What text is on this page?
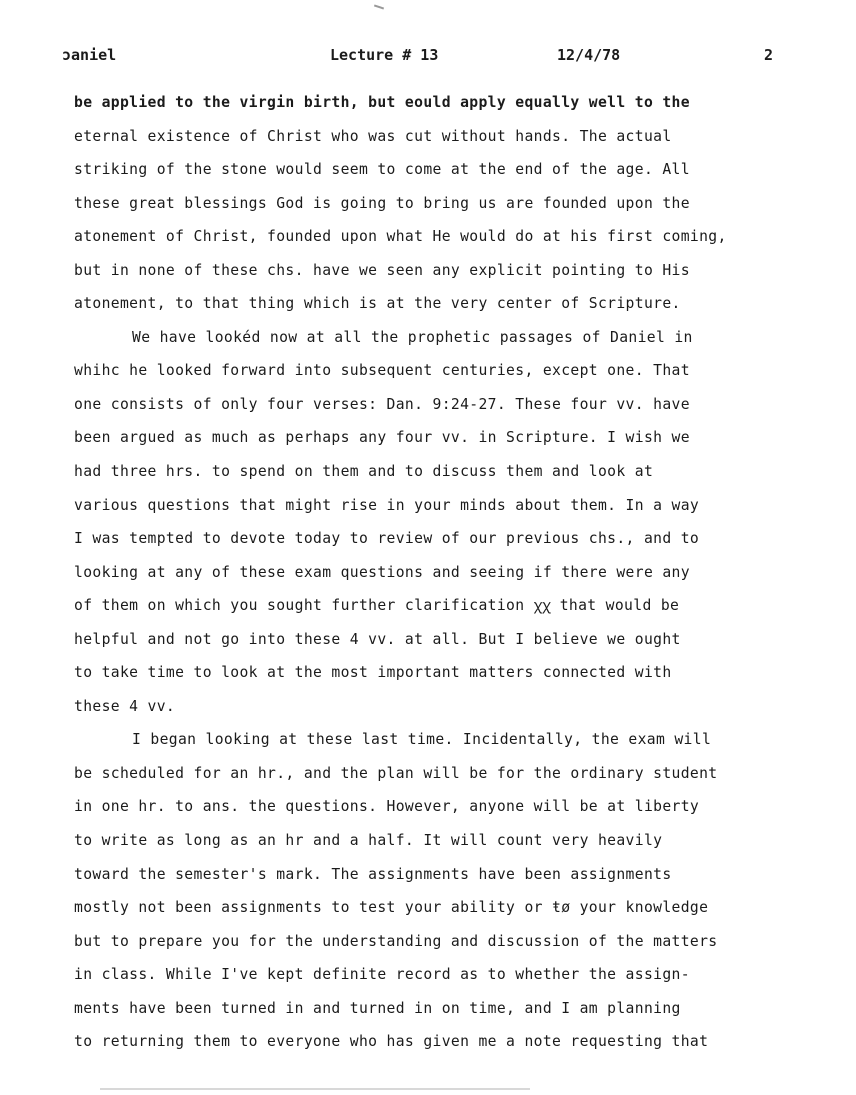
ɔaniel	Lecture # 13	12/4/78	2
be applied to the virgin birth, but eould apply equally well to the
eternal existence of Christ who was cut without hands. The actual
striking of the stone would seem to come at the end of the age. All
these great blessings God is going to bring us are founded upon the
atonement of Christ, founded upon what He would do at his first coming,
but in none of these chs. have we seen any explicit pointing to His
atonement, to that thing which is at the very center of Scripture.
We have lookéd now at all the prophetic passages of Daniel in
whihc he looked forward into subsequent centuries, except one. That
one consists of only four verses: Dan. 9:24-27. These four vv. have
been argued as much as perhaps any four vv. in Scripture. I wish we
had three hrs. to spend on them and to discuss them and look at
various questions that might rise in your minds about them. In a way
I was tempted to devote today to review of our previous chs., and to
looking at any of these exam questions and seeing if there were any
of them on which you sought further clarification ꭓꭓ that would be
helpful and not go into these 4 vv. at all. But I believe we ought
to take time to look at the most important matters connected with
these 4 vv.
I began looking at these last time. Incidentally, the exam will
be scheduled for an hr., and the plan will be for the ordinary student
in one hr. to ans. the questions. However, anyone will be at liberty
to write as long as an hr and a half. It will count very heavily
toward the semester's mark. The assignments have been assignments
mostly not been assignments to test your ability or ŧø your knowledge
but to prepare you for the understanding and discussion of the matters
in class. While I've kept definite record as to whether the assign-
ments have been turned in and turned in on time, and I am planning
to returning them to everyone who has given me a note requesting that
